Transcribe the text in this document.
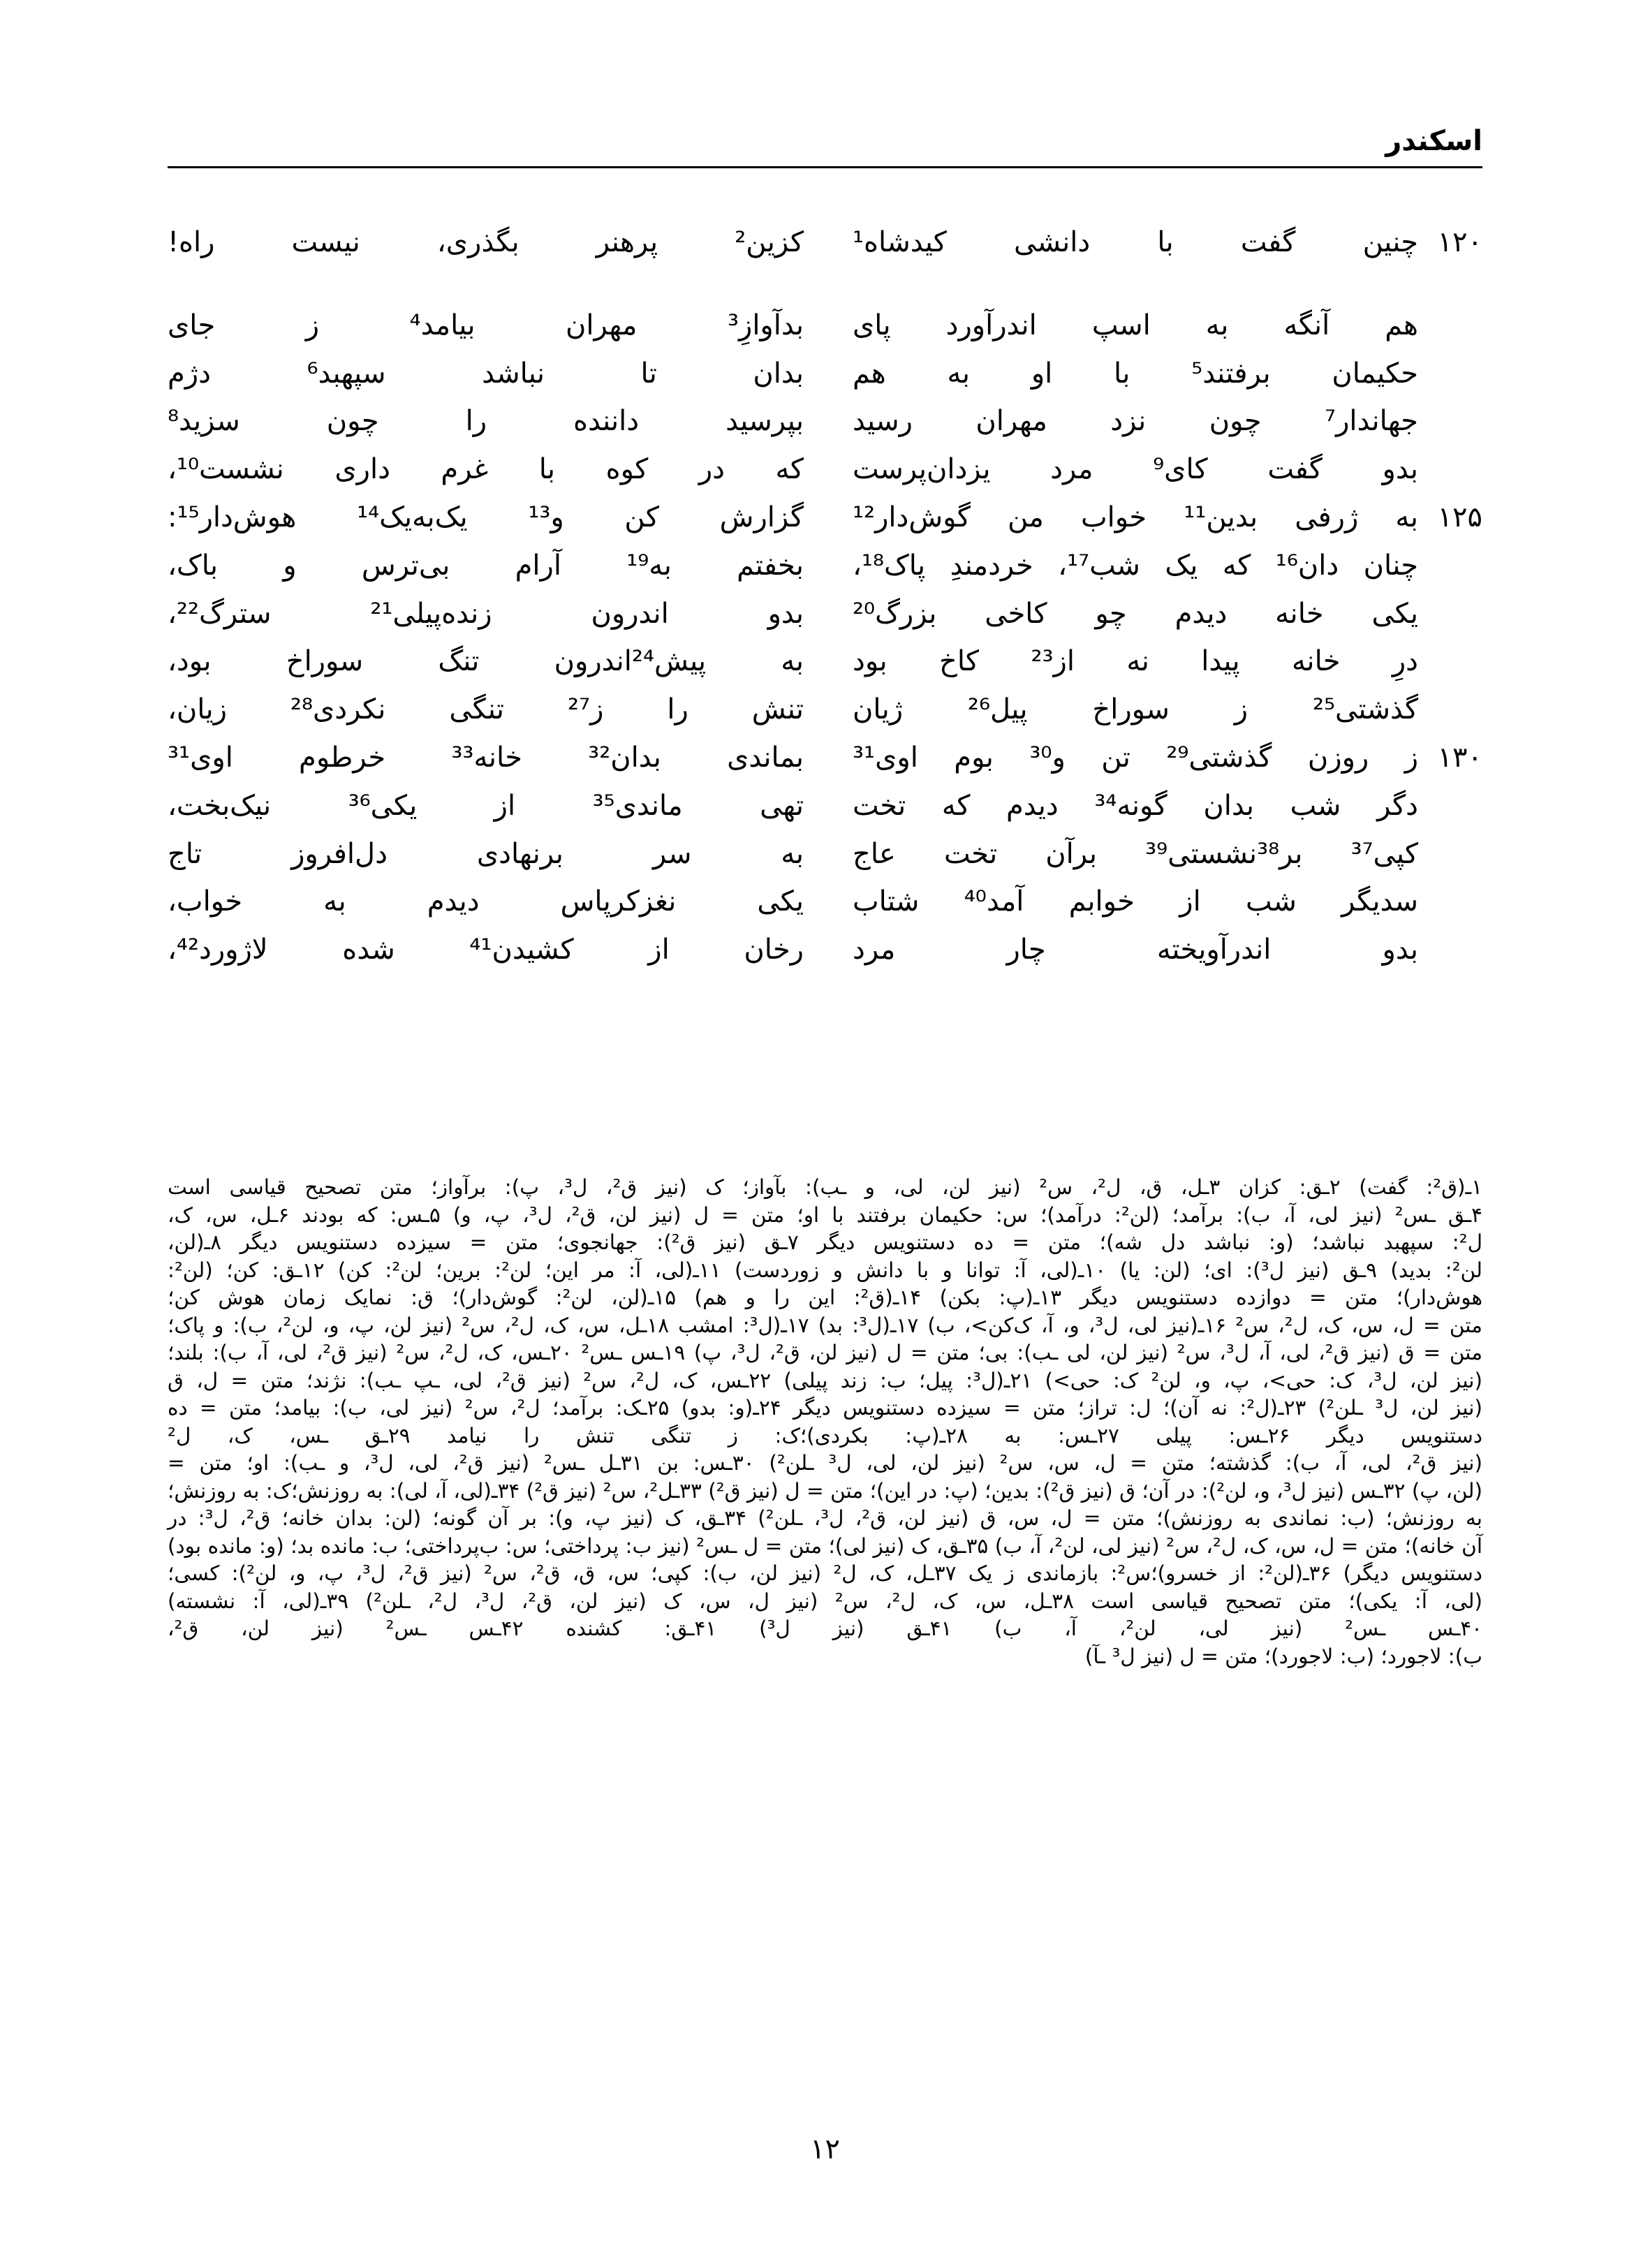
اسکندر
۱۲۰
چنین گفت با دانشی کید‌شاه¹
کزین² پرهنر بگذری، نیست راه!
هم آنگه به اسپ اندرآورد پای
بدآوازِ³ مهران بیامد⁴ ز جای
حکیمان برفتند⁵ با او به هم
بدان تا نباشد سپهبد⁶ دژم
جهاندار⁷ چون نزد مهران رسید
بپرسید داننده را چون سزید⁸
بدو گفت کای⁹ مرد یزدان‌پرست
که در کوه با غرم داری نشست¹⁰،
۱۲۵
به ژرفی بدین¹¹ خواب من گوش‌دار¹²
گزارش کن و¹³ یک‌به‌یک¹⁴ هوش‌دار¹⁵:
چنان دان¹⁶ که یک شب¹⁷، خردمندِ پاک¹⁸،
بخفتم به¹⁹ آرام بی‌ترس و باک،
یکی خانه دیدم چو کاخی بزرگ²⁰
بدو اندرون زنده‌پیلی²¹ سترگ²²،
درِ خانه پیدا نه از²³ کاخ بود
به پیش²⁴اندرون تنگ سوراخ بود،
گذشتی²⁵ ز سوراخ پیل²⁶ ژیان
تنش را ز²⁷ تنگی نکردی²⁸ زیان،
۱۳۰
ز روزن گذشتی²⁹ تن و³⁰ بوم اوی³¹
بماندی بدان³² خانه³³ خرطوم اوی³¹
دگر شب بدان گونه³⁴ دیدم که تخت
تهی ماندی³⁵ از یکی³⁶ نیک‌بخت،
کپی³⁷ بر³⁸نشستی³⁹ برآن تخت عاج
به سر برنهادی دل‌افروز تاج
سدیگر شب از خوابم آمد⁴⁰ شتاب
یکی نغزکرپاس دیدم به خواب،
بدو اندرآویخته چار مرد
رخان از کشیدن⁴¹ شده لاژورد⁴²،
۱ـ(ق²: گفت) ۲ـق: کزان ۳ـل، ق، ل²، س² (نیز لن، لی، و ـب): بآواز؛ ک (نیز ق²، ل³، پ): برآواز؛ متن تصحیح قیاسی است
۴ـق ـس² (نیز لی، آ، ب): برآمد؛ (لن²: درآمد)؛ س: حکیمان برفتند با او؛ متن = ل (نیز لن، ق²، ل³، پ، و) ۵ـس: که بودند ۶ـل، س، ک،
ل²: سپهبد نباشد؛ (و: نباشد دل شه)؛ متن = ده دستنویس دیگر ۷ـق (نیز ق²): جهانجوی؛ متن = سیزده دستنویس دیگر ۸ـ(لن،
لن²: بدید) ۹ـق (نیز ل³): ای؛ (لن: یا) ۱۰ـ(لی، آ: توانا و با دانش و زوردست) ۱۱ـ(لی، آ: مر این؛ لن²: برین؛ لن²: کن) ۱۲ـق: کن؛ (لن²:
هوش‌دار)؛ متن = دوازده دستنویس دیگر ۱۳ـ(پ: بکن) ۱۴ـ(ق²: این را و هم) ۱۵ـ(لن، لن²: گوش‌دار)؛ ق: نمایک زمان هوش کن؛
متن = ل، س، ک، ل²، س² ۱۶ـ(نیز لی، ل³، و، آ، ‌ک‌کن>، ب) ۱۷ـ(ل³: بد) ۱۷ـ(ل³: امشب ۱۸ـل، س، ک، ل²، س² (نیز لن، پ، و، لن²، ب): و پاک؛
متن = ق (نیز ق²، لی، آ، ل³، س² (نیز لن، لی ـب): بی؛ متن = ل (نیز لن، ق²، ل³، پ) ۱۹ـس ـس² ۲۰ـس، ک، ل²، س² (نیز ق²، لی، آ، ب): بلند؛
(نیز لن، ل³، ک: حی>، پ، و، لن² ک: حی>) ۲۱ـ(ل³: پیل؛ ب: زند پیلی) ۲۲ـس، ک، ل²، س² (نیز ق²، لی، ـپ ـب): نژند؛ متن = ل، ق
(نیز لن، ل³ ـلن²) ۲۳ـ(ل²: نه آن)؛ ل: تراز؛ متن = سیزده دستنویس دیگر ۲۴ـ(و: بدو) ۲۵ـک: برآمد؛ ل²، س² (نیز لی، ب): بیامد؛ متن = ده
دستنویس دیگر ۲۶ـس: پیلی ۲۷ـس: به ۲۸ـ(پ: بکردی)؛ک: ز تنگی تنش را نیامد ۲۹ـق ـس، ک، ل²
(نیز ق²، لی، آ، ب): گذشته؛ متن = ل، س، س² (نیز لن، لی، ل³ ـلن²) ۳۰ـس: بن ۳۱ـل ـس² (نیز ق²، لی، ل³، و ـب): او؛ متن =
(لن، پ) ۳۲ـس (نیز ل³، و، لن²): در آن؛ ق (نیز ق²): بدین؛ (پ: در این)؛ متن = ل (نیز ق²) ۳۳ـل²، س² (نیز ق²) ۳۴ـ(لی، آ، لی): به روزنش؛ک: به روزنش؛
به روزنش؛ (ب: نماندی به روزنش)؛ متن = ل، س، ق (نیز لن، ق²، ل³، ـلن²) ۳۴ـق، ک (نیز پ، و): بر آن گونه؛ (لن: بدان خانه؛ ق²، ل³: در
آن خانه)؛ متن = ل، س، ک، ل²، س² (نیز لی، لن²، آ، ب) ۳۵ـق، ک (نیز لی)؛ متن = ل ـس² (نیز ب: پرداختی؛ س: ب‌پرداختی؛ ب: مانده بد؛ (و: مانده بود)
دستنویس دیگر) ۳۶ـ(لن²: از خسرو)؛س²: بازماندی ز یک ۳۷ـل، ک، ل² (نیز لن، ب): کپی؛ س، ق، ق²، س² (نیز ق²، ل³، پ، و، لن²): کسی؛
(لی، آ: یکی)؛ متن تصحیح قیاسی است ۳۸ـل، س، ک، ل²، س² (نیز ل، س، ک (نیز لن، ق²، ل³، ل²، ـلن²) ۳۹ـ(لی، آ: نشسته)
۴۰ـس ـس² (نیز لی، لن²، آ، ب) ۴۱ـق (نیز ل³) ۴۱ـق: کشنده ۴۲ـس ـس² (نیز لن، ق²،
ب): لاجورد؛ (ب: لاجورد)؛ متن = ل (نیز ل³ ـآ)
۱۲
